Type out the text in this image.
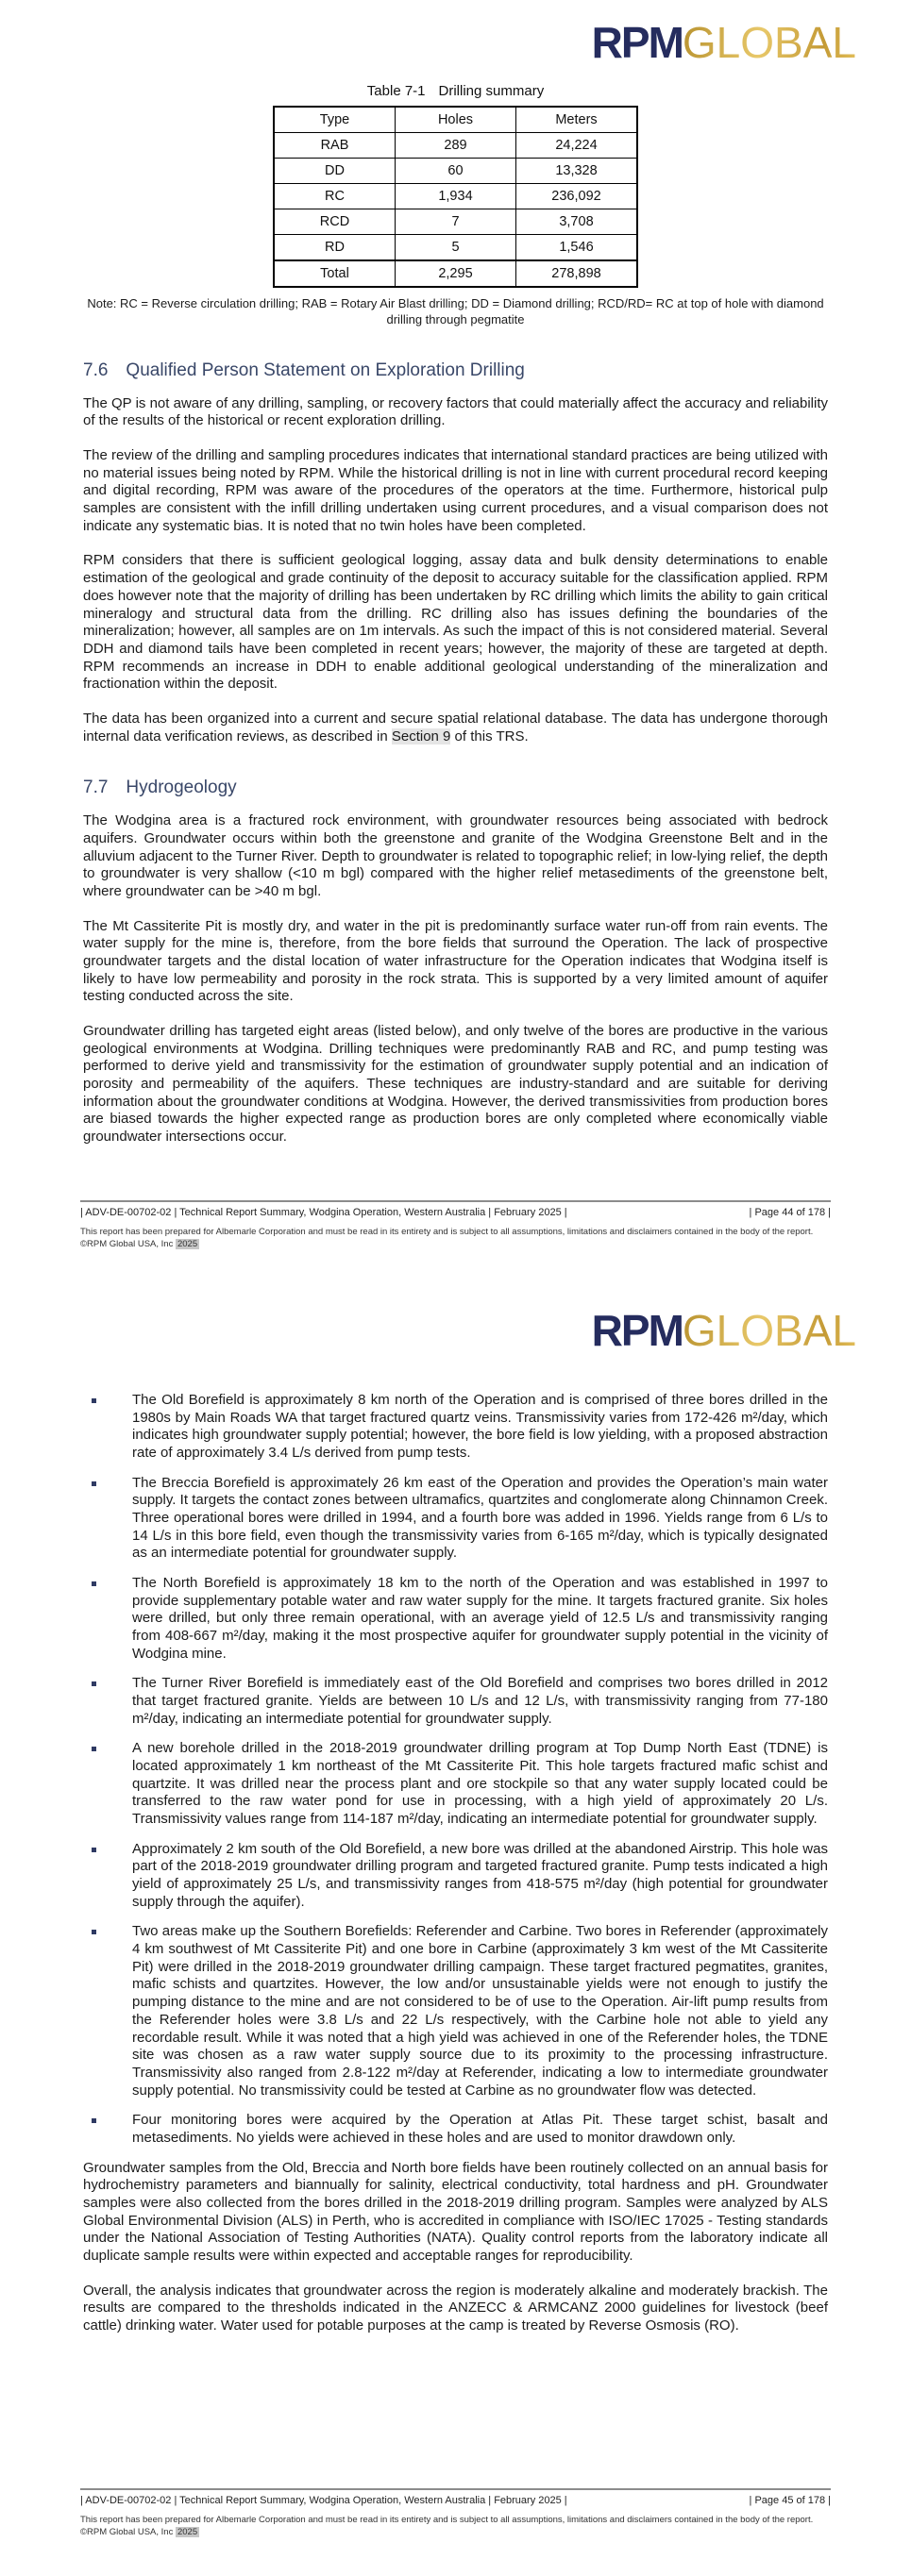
RPMGLOBAL
Table 7-1 Drilling summary
Type	Holes	Meters
RAB	289	24,224
DD	60	13,328
RC	1,934	236,092
RCD	7	3,708
RD	5	1,546
Total	2,295	278,898
Note: RC = Reverse circulation drilling; RAB = Rotary Air Blast drilling; DD = Diamond drilling; RCD/RD= RC at top of hole with diamond drilling through pegmatite
7.6 Qualified Person Statement on Exploration Drilling

The QP is not aware of any drilling, sampling, or recovery factors that could materially affect the accuracy and reliability of the results of the historical or recent exploration drilling.

The review of the drilling and sampling procedures indicates that international standard practices are being utilized with no material issues being noted by RPM. While the historical drilling is not in line with current procedural record keeping and digital recording, RPM was aware of the procedures of the operators at the time. Furthermore, historical pulp samples are consistent with the infill drilling undertaken using current procedures, and a visual comparison does not indicate any systematic bias. It is noted that no twin holes have been completed.

RPM considers that there is sufficient geological logging, assay data and bulk density determinations to enable estimation of the geological and grade continuity of the deposit to accuracy suitable for the classification applied. RPM does however note that the majority of drilling has been undertaken by RC drilling which limits the ability to gain critical mineralogy and structural data from the drilling. RC drilling also has issues defining the boundaries of the mineralization; however, all samples are on 1m intervals. As such the impact of this is not considered material. Several DDH and diamond tails have been completed in recent years; however, the majority of these are targeted at depth. RPM recommends an increase in DDH to enable additional geological understanding of the mineralization and fractionation within the deposit.

The data has been organized into a current and secure spatial relational database. The data has undergone thorough internal data verification reviews, as described in Section 9 of this TRS.

7.7 Hydrogeology

The Wodgina area is a fractured rock environment, with groundwater resources being associated with bedrock aquifers. Groundwater occurs within both the greenstone and granite of the Wodgina Greenstone Belt and in the alluvium adjacent to the Turner River. Depth to groundwater is related to topographic relief; in low-lying relief, the depth to groundwater is very shallow (<10 m bgl) compared with the higher relief metasediments of the greenstone belt, where groundwater can be >40 m bgl.

The Mt Cassiterite Pit is mostly dry, and water in the pit is predominantly surface water run-off from rain events. The water supply for the mine is, therefore, from the bore fields that surround the Operation. The lack of prospective groundwater targets and the distal location of water infrastructure for the Operation indicates that Wodgina itself is likely to have low permeability and porosity in the rock strata. This is supported by a very limited amount of aquifer testing conducted across the site.

Groundwater drilling has targeted eight areas (listed below), and only twelve of the bores are productive in the various geological environments at Wodgina. Drilling techniques were predominantly RAB and RC, and pump testing was performed to derive yield and transmissivity for the estimation of groundwater supply potential and an indication of porosity and permeability of the aquifers. These techniques are industry-standard and are suitable for deriving information about the groundwater conditions at Wodgina. However, the derived transmissivities from production bores are biased towards the higher expected range as production bores are only completed where economically viable groundwater intersections occur.

| ADV-DE-00702-02 | Technical Report Summary, Wodgina Operation, Western Australia | February 2025 |	| Page 44 of 178 |
This report has been prepared for Albemarle Corporation and must be read in its entirety and is subject to all assumptions, limitations and disclaimers contained in the body of the report. ©RPM Global USA, Inc 2025
RPMGLOBAL
The Old Borefield is approximately 8 km north of the Operation and is comprised of three bores drilled in the 1980s by Main Roads WA that target fractured quartz veins. Transmissivity varies from 172-426 m²/day, which indicates high groundwater supply potential; however, the bore field is low yielding, with a proposed abstraction rate of approximately 3.4 L/s derived from pump tests.
The Breccia Borefield is approximately 26 km east of the Operation and provides the Operation’s main water supply. It targets the contact zones between ultramafics, quartzites and conglomerate along Chinnamon Creek. Three operational bores were drilled in 1994, and a fourth bore was added in 1996. Yields range from 6 L/s to 14 L/s in this bore field, even though the transmissivity varies from 6-165 m²/day, which is typically designated as an intermediate potential for groundwater supply.
The North Borefield is approximately 18 km to the north of the Operation and was established in 1997 to provide supplementary potable water and raw water supply for the mine. It targets fractured granite. Six holes were drilled, but only three remain operational, with an average yield of 12.5 L/s and transmissivity ranging from 408-667 m²/day, making it the most prospective aquifer for groundwater supply potential in the vicinity of Wodgina mine.
The Turner River Borefield is immediately east of the Old Borefield and comprises two bores drilled in 2012 that target fractured granite. Yields are between 10 L/s and 12 L/s, with transmissivity ranging from 77-180 m²/day, indicating an intermediate potential for groundwater supply.
A new borehole drilled in the 2018-2019 groundwater drilling program at Top Dump North East (TDNE) is located approximately 1 km northeast of the Mt Cassiterite Pit. This hole targets fractured mafic schist and quartzite. It was drilled near the process plant and ore stockpile so that any water supply located could be transferred to the raw water pond for use in processing, with a high yield of approximately 20 L/s. Transmissivity values range from 114-187 m²/day, indicating an intermediate potential for groundwater supply.
Approximately 2 km south of the Old Borefield, a new bore was drilled at the abandoned Airstrip. This hole was part of the 2018-2019 groundwater drilling program and targeted fractured granite. Pump tests indicated a high yield of approximately 25 L/s, and transmissivity ranges from 418-575 m²/day (high potential for groundwater supply through the aquifer).
Two areas make up the Southern Borefields: Referender and Carbine. Two bores in Referender (approximately 4 km southwest of Mt Cassiterite Pit) and one bore in Carbine (approximately 3 km west of the Mt Cassiterite Pit) were drilled in the 2018-2019 groundwater drilling campaign. These target fractured pegmatites, granites, mafic schists and quartzites. However, the low and/or unsustainable yields were not enough to justify the pumping distance to the mine and are not considered to be of use to the Operation. Air-lift pump results from the Referender holes were 3.8 L/s and 22 L/s respectively, with the Carbine hole not able to yield any recordable result. While it was noted that a high yield was achieved in one of the Referender holes, the TDNE site was chosen as a raw water supply source due to its proximity to the processing infrastructure. Transmissivity also ranged from 2.8-122 m²/day at Referender, indicating a low to intermediate groundwater supply potential. No transmissivity could be tested at Carbine as no groundwater flow was detected.
Four monitoring bores were acquired by the Operation at Atlas Pit. These target schist, basalt and metasediments. No yields were achieved in these holes and are used to monitor drawdown only.

Groundwater samples from the Old, Breccia and North bore fields have been routinely collected on an annual basis for hydrochemistry parameters and biannually for salinity, electrical conductivity, total hardness and pH. Groundwater samples were also collected from the bores drilled in the 2018-2019 drilling program. Samples were analyzed by ALS Global Environmental Division (ALS) in Perth, who is accredited in compliance with ISO/IEC 17025 - Testing standards under the National Association of Testing Authorities (NATA). Quality control reports from the laboratory indicate all duplicate sample results were within expected and acceptable ranges for reproducibility.

Overall, the analysis indicates that groundwater across the region is moderately alkaline and moderately brackish. The results are compared to the thresholds indicated in the ANZECC & ARMCANZ 2000 guidelines for livestock (beef cattle) drinking water. Water used for potable purposes at the camp is treated by Reverse Osmosis (RO).

| ADV-DE-00702-02 | Technical Report Summary, Wodgina Operation, Western Australia | February 2025 |	| Page 45 of 178 |
This report has been prepared for Albemarle Corporation and must be read in its entirety and is subject to all assumptions, limitations and disclaimers contained in the body of the report. ©RPM Global USA, Inc 2025
